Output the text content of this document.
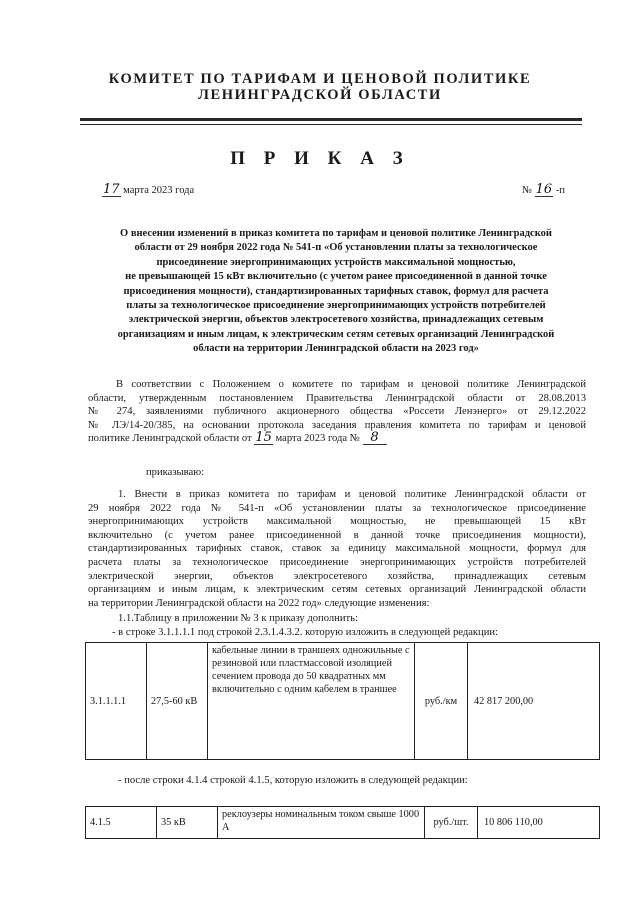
КОМИТЕТ ПО ТАРИФАМ И ЦЕНОВОЙ ПОЛИТИКЕ
ЛЕНИНГРАДСКОЙ ОБЛАСТИ
П Р И К А З
17 марта 2023 года	№ 16 -п
О внесении изменений в приказ комитета по тарифам и ценовой политике Ленинградской
области от 29 ноября 2022 года № 541-п «Об установлении платы за технологическое
присоединение энергопринимающих устройств максимальной мощностью,
не превышающей 15 кВт включительно (с учетом ранее присоединенной в данной точке
присоединения мощности), стандартизированных тарифных ставок, формул для расчета
платы за технологическое присоединение энергопринимающих устройств потребителей
электрической энергии, объектов электросетевого хозяйства, принадлежащих сетевым
организациям и иным лицам, к электрическим сетям сетевых организаций Ленинградской
области на территории Ленинградской области на 2023 год»
В соответствии с Положением о комитете по тарифам и ценовой политике Ленинградской
области, утвержденным постановлением Правительства Ленинградской области от 28.08.2013
№ 274, заявлениями публичного акционерного общества «Россети Ленэнерго» от 29.12.2022
№ ЛЭ/14-20/385, на основании протокола заседания правления комитета по тарифам и ценовой
политике Ленинградской области от 15 марта 2023 года № 8
приказываю:
1. Внести в приказ комитета по тарифам и ценовой политике Ленинградской области от
29 ноября 2022 года № 541-п «Об установлении платы за технологическое присоединение
энергопринимающих устройств максимальной мощностью, не превышающей 15 кВт
включительно (с учетом ранее присоединенной в данной точке присоединения мощности),
стандартизированных тарифных ставок, ставок за единицу максимальной мощности, формул для
расчета платы за технологическое присоединение энергопринимающих устройств потребителей
электрической энергии, объектов электросетевого хозяйства, принадлежащих сетевым
организациям и иным лицам, к электрическим сетям сетевых организаций Ленинградской области
на территории Ленинградской области на 2022 год» следующие изменения:
1.1.Таблицу в приложении № 3 к приказу дополнить:
- в строке 3.1.1.1.1 под строкой 2.3.1.4.3.2. которую изложить в следующей редакции:
3.1.1.1.1	27,5-60 кВ	кабельные линии в траншеях одножильные с резиновой или пластмассовой изоляцией сечением провода до 50 квадратных мм включительно с одним кабелем в траншее	руб./км	42 817 200,00
- после строки 4.1.4 строкой 4.1.5, которую изложить в следующей редакции:
4.1.5	35 кВ	реклоузеры номинальным током свыше 1000 А	руб./шт.	10 806 110,00
